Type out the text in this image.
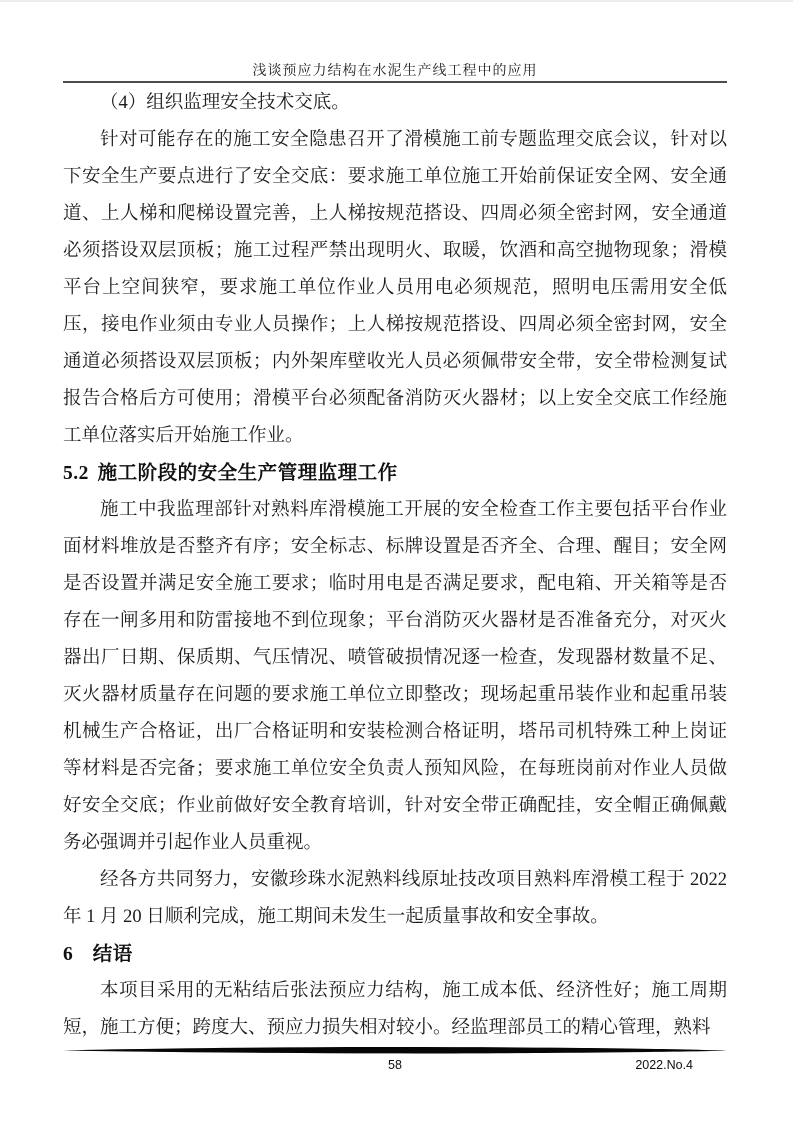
浅谈预应力结构在水泥生产线工程中的应用

（4）组织监理安全技术交底。

针对可能存在的施工安全隐患召开了滑模施工前专题监理交底会议，针对以下安全生产要点进行了安全交底：要求施工单位施工开始前保证安全网、安全通道、上人梯和爬梯设置完善，上人梯按规范搭设、四周必须全密封网，安全通道必须搭设双层顶板；施工过程严禁出现明火、取暖，饮酒和高空抛物现象；滑模平台上空间狭窄，要求施工单位作业人员用电必须规范，照明电压需用安全低压，接电作业须由专业人员操作；上人梯按规范搭设、四周必须全密封网，安全通道必须搭设双层顶板；内外架库壁收光人员必须佩带安全带，安全带检测复试报告合格后方可使用；滑模平台必须配备消防灭火器材；以上安全交底工作经施工单位落实后开始施工作业。

5.2 施工阶段的安全生产管理监理工作

施工中我监理部针对熟料库滑模施工开展的安全检查工作主要包括平台作业面材料堆放是否整齐有序；安全标志、标牌设置是否齐全、合理、醒目；安全网是否设置并满足安全施工要求；临时用电是否满足要求，配电箱、开关箱等是否存在一闸多用和防雷接地不到位现象；平台消防灭火器材是否准备充分，对灭火器出厂日期、保质期、气压情况、喷管破损情况逐一检查，发现器材数量不足、灭火器材质量存在问题的要求施工单位立即整改；现场起重吊装作业和起重吊装机械生产合格证，出厂合格证明和安装检测合格证明，塔吊司机特殊工种上岗证等材料是否完备；要求施工单位安全负责人预知风险，在每班岗前对作业人员做好安全交底；作业前做好安全教育培训，针对安全带正确配挂，安全帽正确佩戴务必强调并引起作业人员重视。

经各方共同努力，安徽珍珠水泥熟料线原址技改项目熟料库滑模工程于 2022 年 1 月 20 日顺利完成，施工期间未发生一起质量事故和安全事故。

6 结语

本项目采用的无粘结后张法预应力结构，施工成本低、经济性好；施工周期短，施工方便；跨度大、预应力损失相对较小。经监理部员工的精心管理，熟料

58	2022.No.4
